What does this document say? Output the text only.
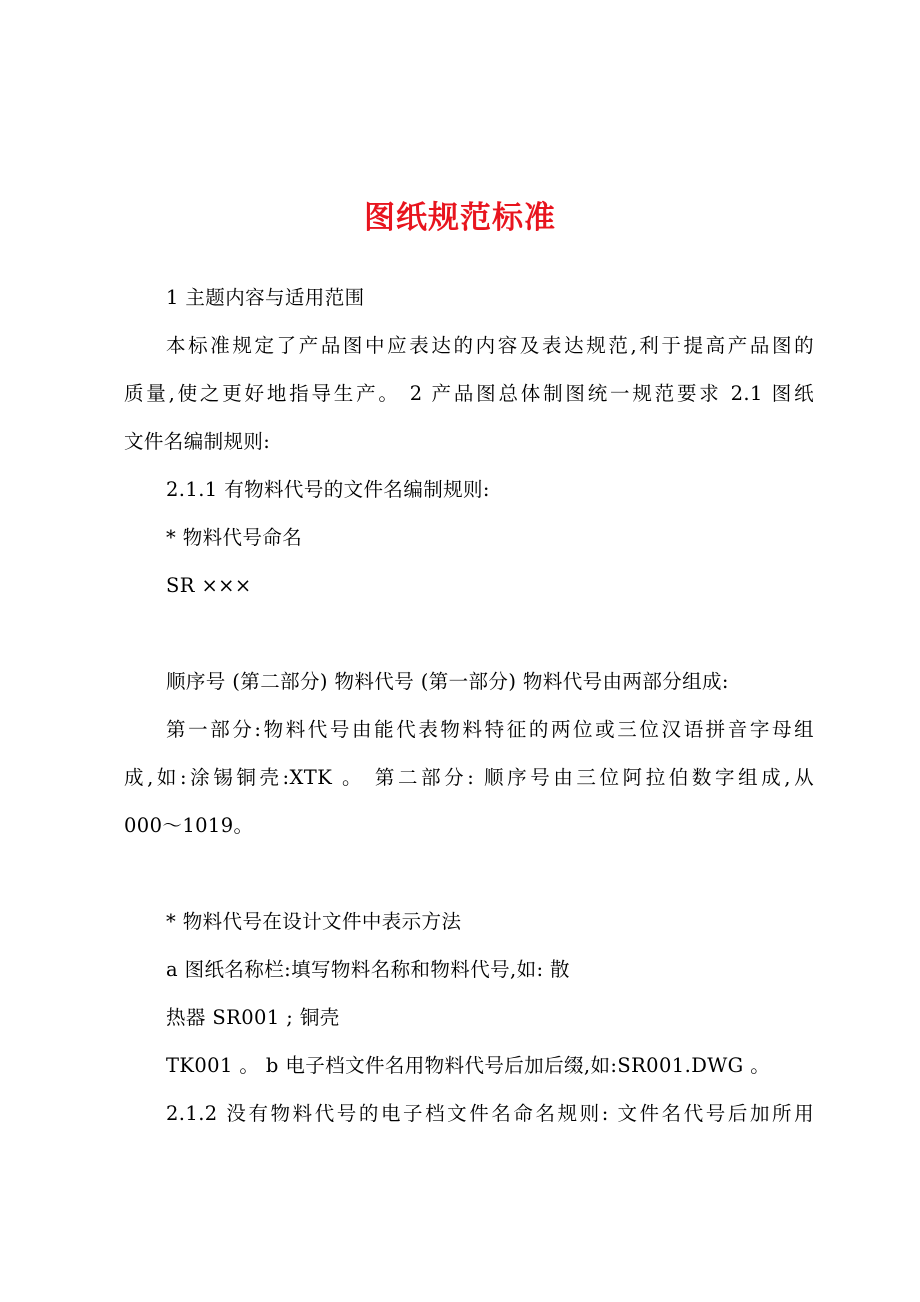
图纸规范标准
1 主题内容与适用范围
本标准规定了产品图中应表达的内容及表达规范,利于提高产品图的
质量,使之更好地指导生产。 2 产品图总体制图统一规范要求 2.1 图纸
文件名编制规则:
2.1.1 有物料代号的文件名编制规则:
* 物料代号命名
SR ×××
顺序号 (第二部分) 物料代号 (第一部分) 物料代号由两部分组成:
第一部分:物料代号由能代表物料特征的两位或三位汉语拼音字母组
成,如:涂锡铜壳:XTK 。 第二部分: 顺序号由三位阿拉伯数字组成,从
000～1019。
* 物料代号在设计文件中表示方法
a 图纸名称栏:填写物料名称和物料代号,如: 散
热器 SR001 ; 铜壳
TK001 。 b 电子档文件名用物料代号后加后缀,如:SR001.DWG 。
2.1.2 没有物料代号的电子档文件名命名规则: 文件名代号后加所用
